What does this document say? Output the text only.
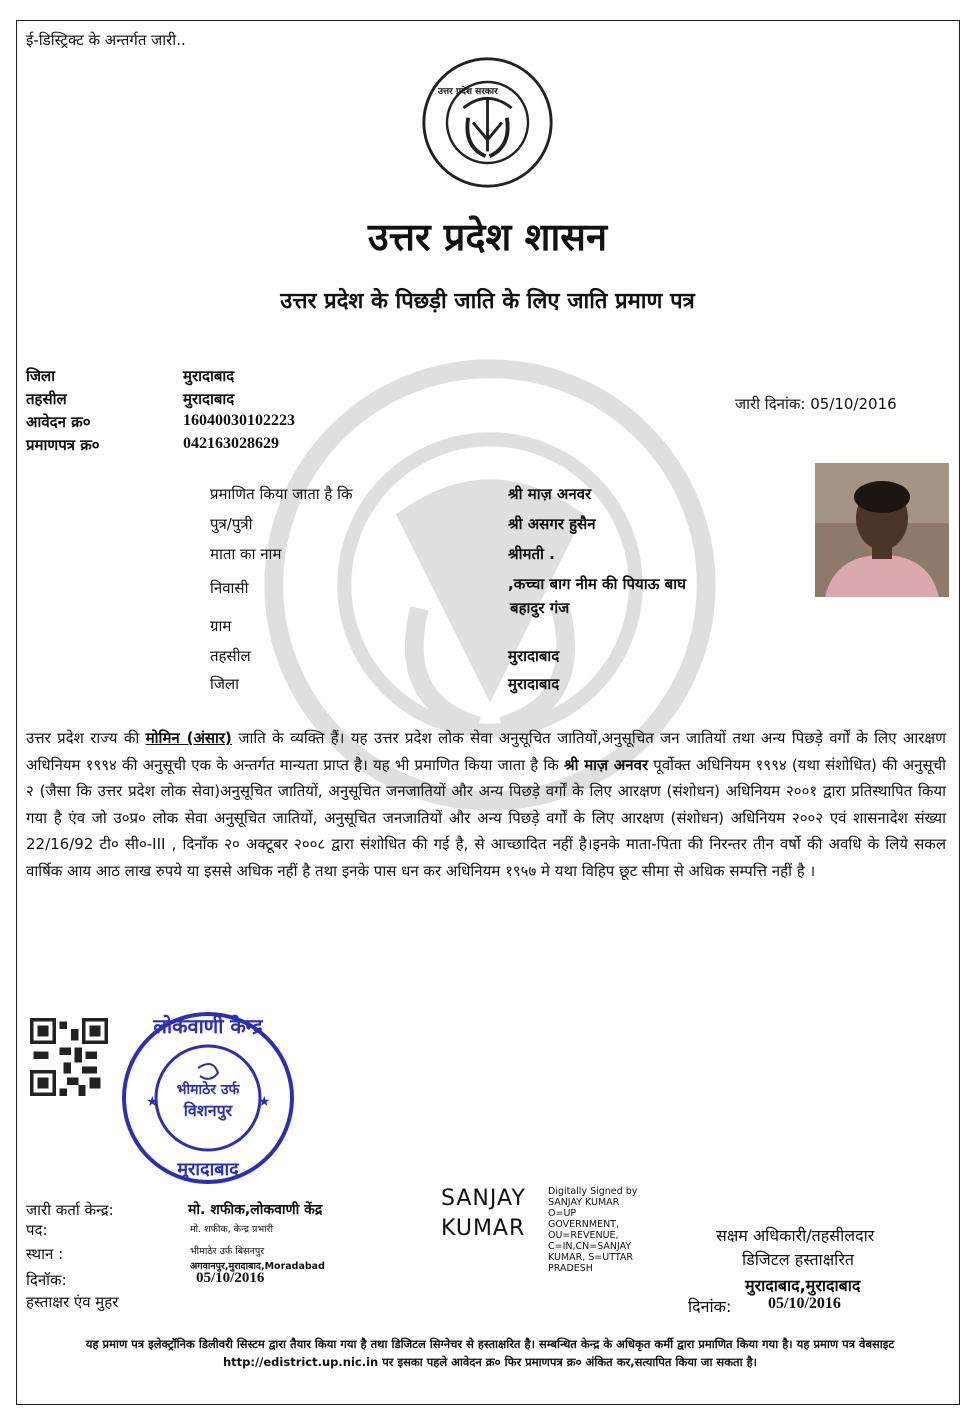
ई-डिस्ट्रिक्ट के अन्तर्गत जारी..
उत्तर प्रदेश सरकार
उत्तर प्रदेश शासन
उत्तर प्रदेश के पिछड़ी जाति के लिए जाति प्रमाण पत्र
जिला	मुरादाबाद
तहसील	मुरादाबाद
आवेदन क्र०	16040030102223
प्रमाणपत्र क्र०	042163028629
जारी दिनांक: 05/10/2016
प्रमाणित किया जाता है कि	श्री माज़ अनवर
पुत्र/पुत्री	श्री असगर हुसैन
माता का नाम	श्रीमती .
निवासी	,कच्चा बाग नीम की पियाऊ बाघ
बहादुर गंज
ग्राम
तहसील	मुरादाबाद
जिला	मुरादाबाद
उत्तर प्रदेश राज्य की मोमिन (अंसार) जाति के व्यक्ति हैं। यह उत्तर प्रदेश लोक सेवा अनुसूचित जातियों,अनुसूचित जन जातियों तथा अन्य पिछड़े वर्गों के लिए आरक्षण अधिनियम १९९४ की अनुसूची एक के अन्तर्गत मान्यता प्राप्त है। यह भी प्रमाणित किया जाता है कि श्री माज़ अनवर पूर्वोक्त अधिनियम १९९४ (यथा संशोधित) की अनुसूची २ (जैसा कि उत्तर प्रदेश लोक सेवा)अनुसूचित जातियों, अनुसूचित जनजातियों और अन्य पिछड़े वर्गों के लिए आरक्षण (संशोधन) अधिनियम २००१ द्वारा प्रतिस्थापित किया गया है एंव जो उ०प्र० लोक सेवा अनुसूचित जातियों, अनुसूचित जनजातियों और अन्य पिछड़े वर्गों के लिए आरक्षण (संशोधन) अधिनियम २००२ एवं शासनादेश संख्या 22/16/92 टी० सी०-III , दिनाँक २० अक्टूबर २००८ द्वारा संशोधित की गई है, से आच्छादित नहीं है।इनके माता-पिता की निरन्तर तीन वर्षो की अवधि के लिये सकल वार्षिक आय आठ लाख रुपये या इससे अधिक नहीं है तथा इनके पास धन कर अधिनियम १९५७ मे यथा विहिप छूट सीमा से अधिक सम्पत्ति नहीं है ।
लोकवाणी केन्द्र
भीमाठेर उर्फ
विशनपुर
मुरादाबाद
★	★
जारी कर्ता केन्द्र:	मो. शफीक,लोकवाणी केंद्र
पद:	मो. शफीक, केन्द्र प्रभारी
स्थान :	भीमाठेर उर्फ बिसनपुर
अगवानपुर,मुरादाबाद,Moradabad
दिनॉक:	05/10/2016
हस्ताक्षर एंव मुहर
SANJAY
KUMAR
Digitally Signed by SANJAY KUMAR O=UP GOVERNMENT, OU=REVENUE, C=IN,CN=SANJAY KUMAR, S=UTTAR PRADESH
सक्षम अधिकारी/तहसीलदार
डिजिटल हस्ताक्षरित
मुरादाबाद,मुरादाबाद
दिनांक: 05/10/2016
यह प्रमाण पत्र इलेक्ट्रॉनिक डिलीवरी सिस्टम द्वारा तैयार किया गया है तथा डिजिटल सिग्नेचर से हस्ताक्षरित है। सम्बन्धित केन्द्र के अधिकृत कर्मी द्वारा प्रमाणित किया गया है। यह प्रमाण पत्र वेबसाइट http://edistrict.up.nic.in पर इसका पहले आवेदन क्र० फिर प्रमाणपत्र क्र० अंकित कर,सत्यापित किया जा सकता है।
